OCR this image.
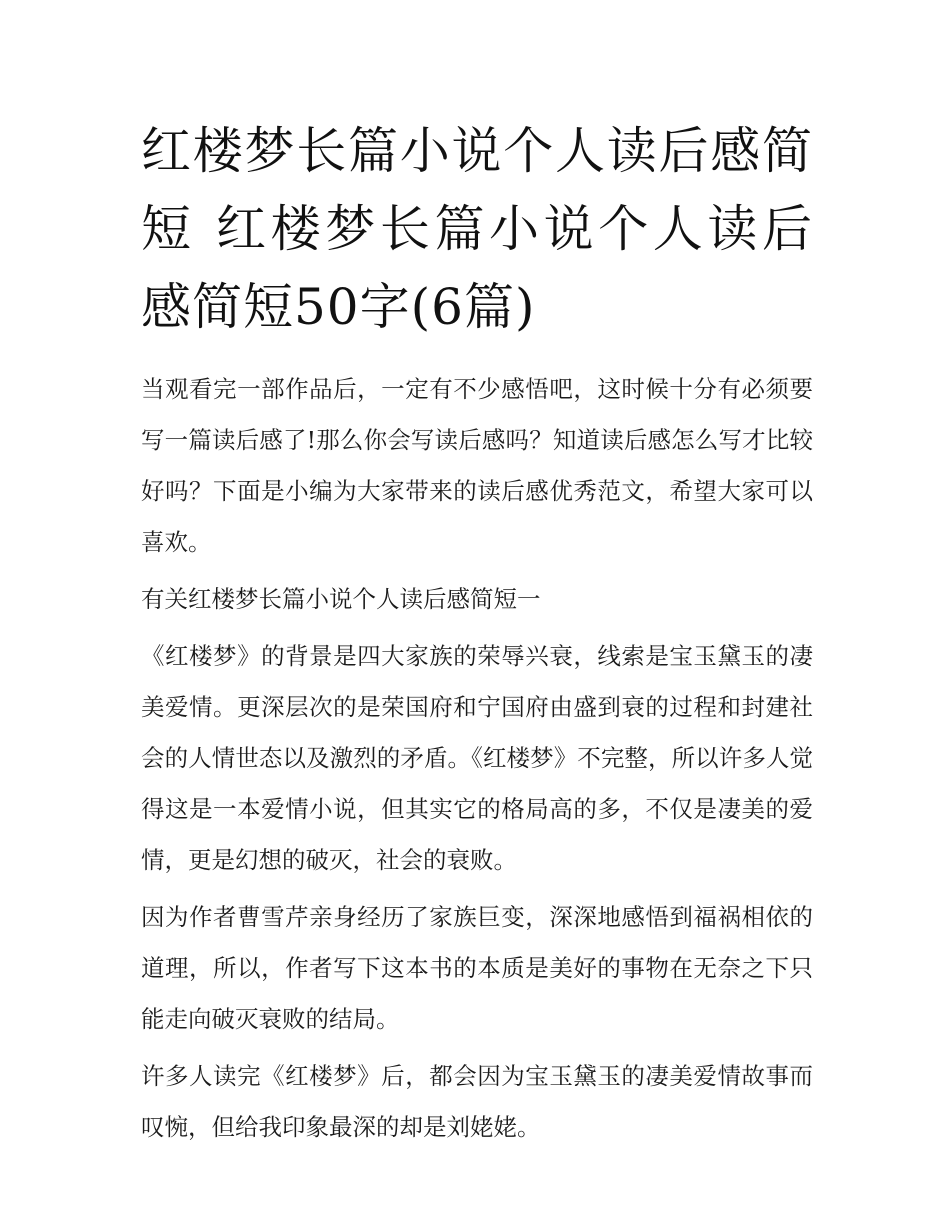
红楼梦长篇小说个人读后感简短 红楼梦长篇小说个人读后感简短50字(6篇)

当观看完一部作品后，一定有不少感悟吧，这时候十分有必须要写一篇读后感了!那么你会写读后感吗？知道读后感怎么写才比较好吗？下面是小编为大家带来的读后感优秀范文，希望大家可以喜欢。

有关红楼梦长篇小说个人读后感简短一

《红楼梦》的背景是四大家族的荣辱兴衰，线索是宝玉黛玉的凄美爱情。更深层次的是荣国府和宁国府由盛到衰的过程和封建社会的人情世态以及激烈的矛盾。《红楼梦》不完整，所以许多人觉得这是一本爱情小说，但其实它的格局高的多，不仅是凄美的爱情，更是幻想的破灭，社会的衰败。

因为作者曹雪芹亲身经历了家族巨变，深深地感悟到福祸相依的道理，所以，作者写下这本书的本质是美好的事物在无奈之下只能走向破灭衰败的结局。

许多人读完《红楼梦》后，都会因为宝玉黛玉的凄美爱情故事而叹惋，但给我印象最深的却是刘姥姥。
